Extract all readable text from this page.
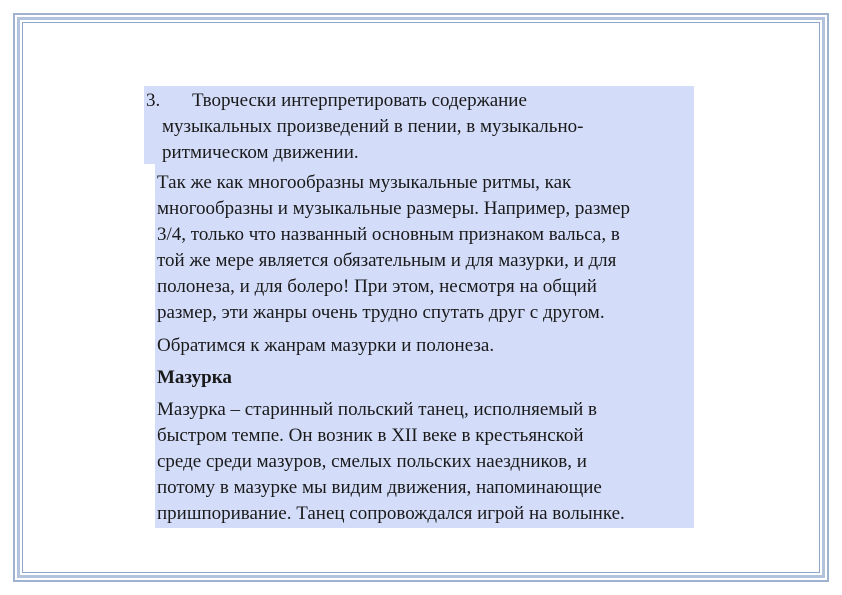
3.	Творчески интерпретировать содержание
музыкальных произведений в пении, в музыкально-
ритмическом движении.
Так же как многообразны музыкальные ритмы, как
многообразны и музыкальные размеры. Например, размер
3/4, только что названный основным признаком вальса, в
той же мере является обязательным и для мазурки, и для
полонеза, и для болеро! При этом, несмотря на общий
размер, эти жанры очень трудно спутать друг с другом.
Обратимся к жанрам мазурки и полонеза.
Мазурка
Мазурка – старинный польский танец, исполняемый в
быстром темпе. Он возник в XII веке в крестьянской
среде среди мазуров, смелых польских наездников, и
потому в мазурке мы видим движения, напоминающие
пришпоривание. Танец сопровождался игрой на волынке.
